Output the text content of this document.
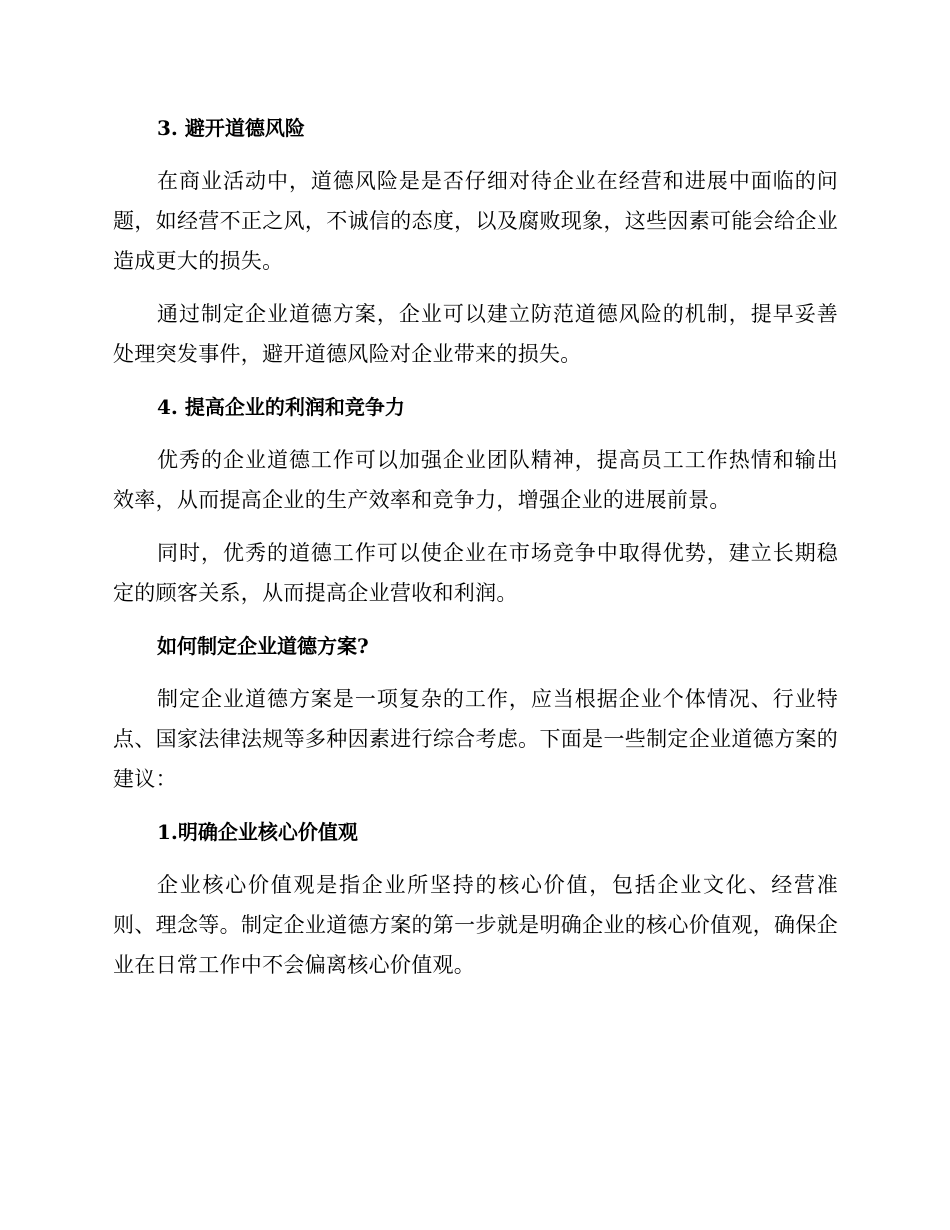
3. 避开道德风险

在商业活动中，道德风险是是否仔细对待企业在经营和进展中面临的问题，如经营不正之风，不诚信的态度，以及腐败现象，这些因素可能会给企业造成更大的损失。

通过制定企业道德方案，企业可以建立防范道德风险的机制，提早妥善处理突发事件，避开道德风险对企业带来的损失。

4. 提高企业的利润和竞争力

优秀的企业道德工作可以加强企业团队精神，提高员工工作热情和输出效率，从而提高企业的生产效率和竞争力，增强企业的进展前景。

同时，优秀的道德工作可以使企业在市场竞争中取得优势，建立长期稳定的顾客关系，从而提高企业营收和利润。

如何制定企业道德方案?

制定企业道德方案是一项复杂的工作，应当根据企业个体情况、行业特点、国家法律法规等多种因素进行综合考虑。下面是一些制定企业道德方案的建议：

1.明确企业核心价值观

企业核心价值观是指企业所坚持的核心价值，包括企业文化、经营准则、理念等。制定企业道德方案的第一步就是明确企业的核心价值观，确保企业在日常工作中不会偏离核心价值观。
